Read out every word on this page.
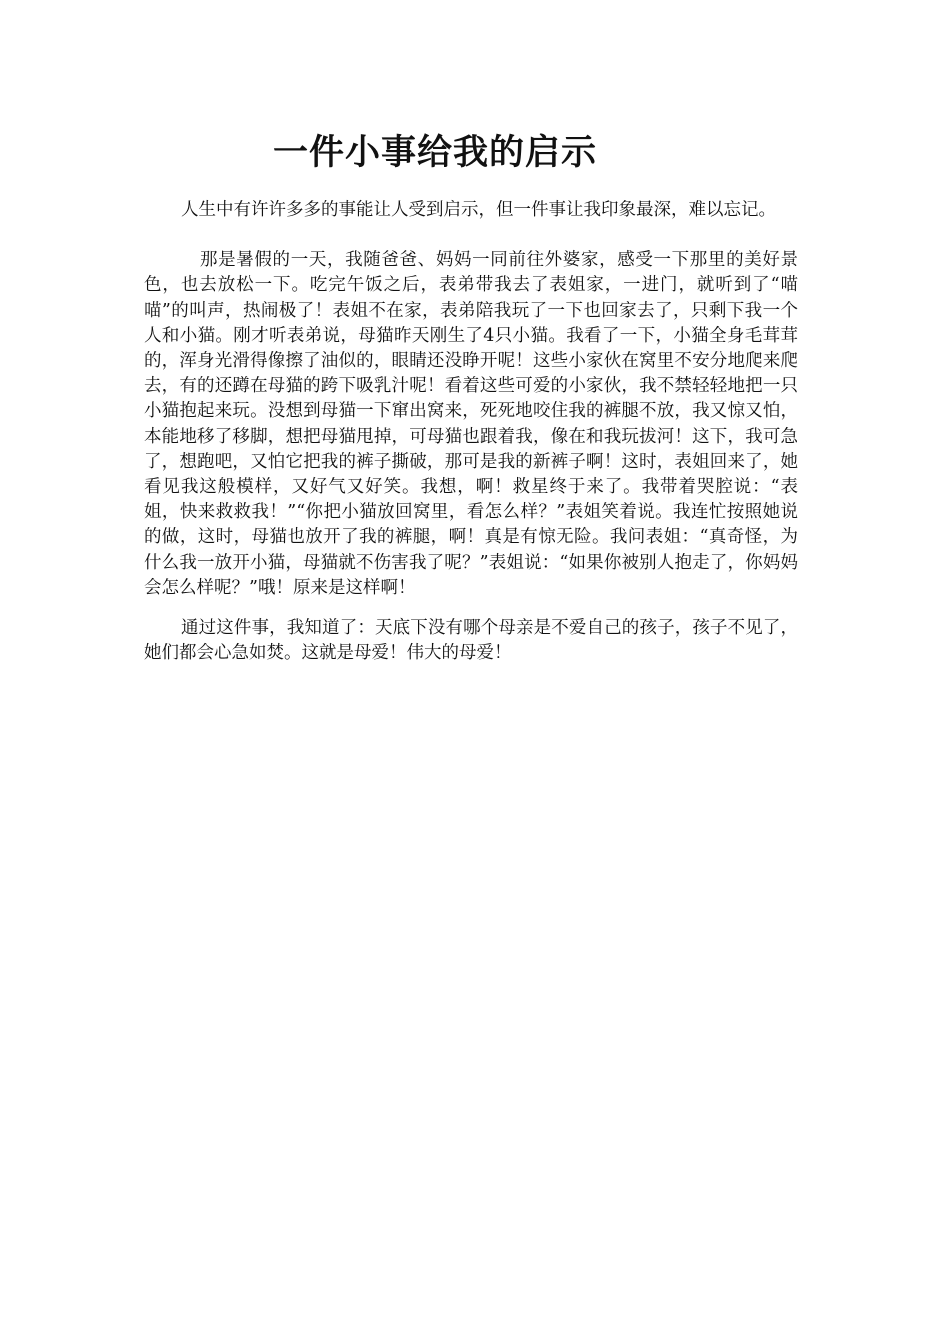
一件小事给我的启示

人生中有许许多多的事能让人受到启示，但一件事让我印象最深，难以忘记。

那是暑假的一天，我随爸爸、妈妈一同前往外婆家，感受一下那里的美好景色，也去放松一下。吃完午饭之后，表弟带我去了表姐家，一进门，就听到了“喵喵”的叫声，热闹极了！表姐不在家，表弟陪我玩了一下也回家去了，只剩下我一个人和小猫。刚才听表弟说，母猫昨天刚生了4只小猫。我看了一下，小猫全身毛茸茸的，浑身光滑得像擦了油似的，眼睛还没睁开呢！这些小家伙在窝里不安分地爬来爬去，有的还蹲在母猫的跨下吸乳汁呢！看着这些可爱的小家伙，我不禁轻轻地把一只小猫抱起来玩。没想到母猫一下窜出窝来，死死地咬住我的裤腿不放，我又惊又怕，本能地移了移脚，想把母猫甩掉，可母猫也跟着我，像在和我玩拔河！这下，我可急了，想跑吧，又怕它把我的裤子撕破，那可是我的新裤子啊！这时，表姐回来了，她看见我这般模样，又好气又好笑。我想，啊！救星终于来了。我带着哭腔说：“表姐，快来救救我！”“你把小猫放回窝里，看怎么样？”表姐笑着说。我连忙按照她说的做，这时，母猫也放开了我的裤腿，啊！真是有惊无险。我问表姐：“真奇怪，为什么我一放开小猫，母猫就不伤害我了呢？”表姐说：“如果你被别人抱走了，你妈妈会怎么样呢？”哦！原来是这样啊！

通过这件事，我知道了：天底下没有哪个母亲是不爱自己的孩子，孩子不见了，她们都会心急如焚。这就是母爱！伟大的母爱！
